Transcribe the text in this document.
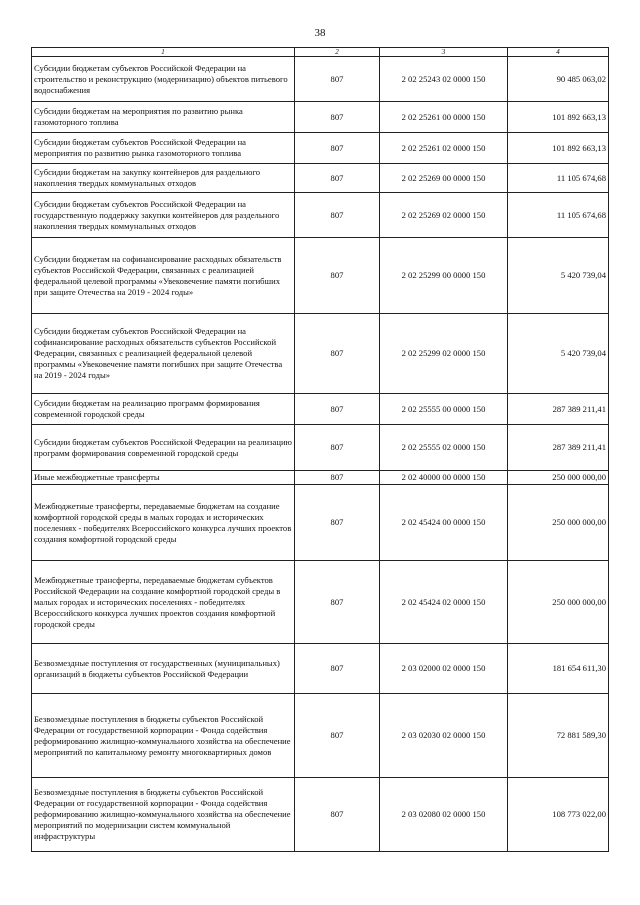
38
1	2	3	4
Субсидии бюджетам субъектов Российской Федерации на строительство и реконструкцию (модернизацию) объектов питьевого водоснабжения	807	2 02 25243 02 0000 150	90 485 063,02
Субсидии бюджетам на мероприятия по развитию рынка газомоторного топлива	807	2 02 25261 00 0000 150	101 892 663,13
Субсидии бюджетам субъектов Российской Федерации на мероприятия по развитию рынка газомоторного топлива	807	2 02 25261 02 0000 150	101 892 663,13
Субсидии бюджетам на закупку контейнеров для раздельного накопления твердых коммунальных отходов	807	2 02 25269 00 0000 150	11 105 674,68
Субсидии бюджетам субъектов Российской Федерации на государственную поддержку закупки контейнеров для раздельного накопления твердых коммунальных отходов	807	2 02 25269 02 0000 150	11 105 674,68
Субсидии бюджетам на софинансирование расходных обязательств субъектов Российской Федерации, связанных с реализацией федеральной целевой программы «Увековечение памяти погибших при защите Отечества на 2019 - 2024 годы»	807	2 02 25299 00 0000 150	5 420 739,04
Субсидии бюджетам субъектов Российской Федерации на софинансирование расходных обязательств субъектов Российской Федерации, связанных с реализацией федеральной целевой программы «Увековечение памяти погибших при защите Отечества на 2019 - 2024 годы»	807	2 02 25299 02 0000 150	5 420 739,04
Субсидии бюджетам на реализацию программ формирования современной городской среды	807	2 02 25555 00 0000 150	287 389 211,41
Субсидии бюджетам субъектов Российской Федерации на реализацию программ формирования современной городской среды	807	2 02 25555 02 0000 150	287 389 211,41
Иные межбюджетные трансферты	807	2 02 40000 00 0000 150	250 000 000,00
Межбюджетные трансферты, передаваемые бюджетам на создание комфортной городской среды в малых городах и исторических поселениях - победителях Всероссийского конкурса лучших проектов создания комфортной городской среды	807	2 02 45424 00 0000 150	250 000 000,00
Межбюджетные трансферты, передаваемые бюджетам субъектов Российской Федерации на создание комфортной городской среды в малых городах и исторических поселениях - победителях Всероссийского конкурса лучших проектов создания комфортной городской среды	807	2 02 45424 02 0000 150	250 000 000,00
Безвозмездные поступления от государственных (муниципальных) организаций в бюджеты субъектов Российской Федерации	807	2 03 02000 02 0000 150	181 654 611,30
Безвозмездные поступления в бюджеты субъектов Российской Федерации от государственной корпорации - Фонда содействия реформированию жилищно-коммунального хозяйства на обеспечение мероприятий по капитальному ремонту многоквартирных домов	807	2 03 02030 02 0000 150	72 881 589,30
Безвозмездные поступления в бюджеты субъектов Российской Федерации от государственной корпорации - Фонда содействия реформированию жилищно-коммунального хозяйства на обеспечение мероприятий по модернизации систем коммунальной инфраструктуры	807	2 03 02080 02 0000 150	108 773 022,00
